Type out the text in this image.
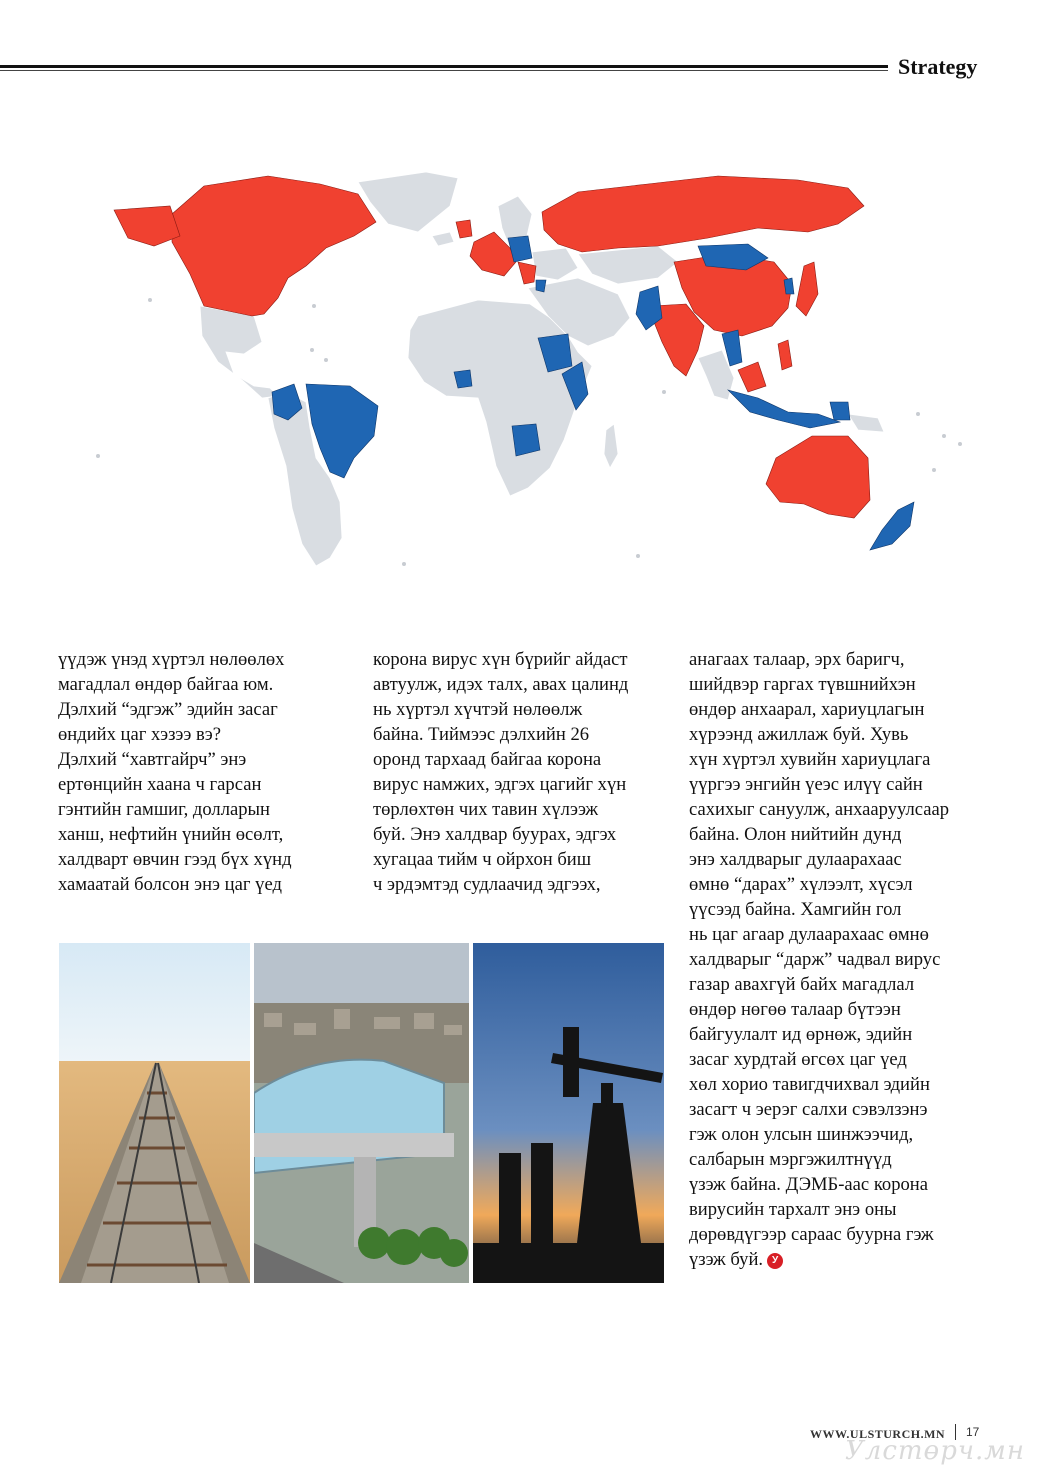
Strategy
үүдэж үнэд хүртэл нөлөөлөх
магадлал өндөр байгаа юм.
Дэлхий “эдгэж” эдийн засаг
өндийх цаг хэзээ вэ?
Дэлхий “хавтгайрч” энэ
ертөнцийн хаана ч гарсан
гэнтийн гамшиг, долларын
ханш, нефтийн үнийн өсөлт,
халдварт өвчин гээд бүх хүнд
хамаатай болсон энэ цаг үед
корона вирус хүн бүрийг айдаст
автуулж, идэх талх, авах цалинд
нь хүртэл хүчтэй нөлөөлж
байна. Тиймээс дэлхийн 26
оронд тархаад байгаа корона
вирус намжих, эдгэх цагийг хүн
төрлөхтөн чих тавин хүлээж
буй. Энэ халдвар буурах, эдгэх
хугацаа тийм ч ойрхон биш
ч эрдэмтэд судлаачид эдгээх,
анагаах талаар, эрх баригч,
шийдвэр гаргах түвшнийхэн
өндөр анхаарал, хариуцлагын
хүрээнд ажиллаж буй. Хувь
хүн хүртэл хувийн хариуцлага
үүргээ энгийн үеэс илүү сайн
сахихыг сануулж, анхааруулсаар
байна. Олон нийтийн дунд
энэ халдварыг дулаарахаас
өмнө “дарах” хүлээлт, хүсэл
үүсээд байна. Хамгийн гол
нь цаг агаар дулаарахаас өмнө
халдварыг “дарж” чадвал вирус
газар авахгүй байх магадлал
өндөр нөгөө талаар бүтээн
байгуулалт ид өрнөж, эдийн
засаг хурдтай өгсөх цаг үед
хөл хорио тавигдчихвал эдийн
засагт ч эерэг салхи сэвэлзэнэ
гэж олон улсын шинжээчид,
салбарын мэргэжилтнүүд
үзэж байна. ДЭМБ-аас корона
вирусийн тархалт энэ оны
дөрөвдүгээр сараас буурна гэж
үзэж буй. У
WWW.ULSTURCH.MN 17
Улстөрч.мн
